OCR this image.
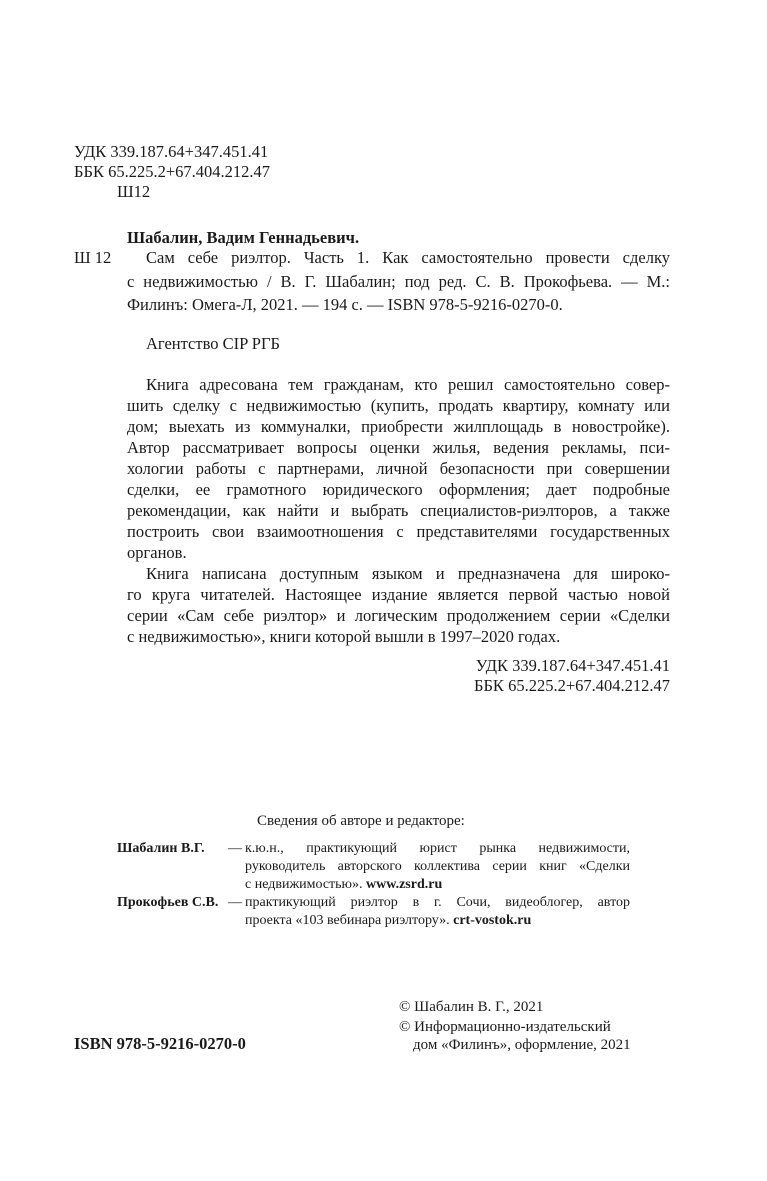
УДК 339.187.64+347.451.41
ББК 65.225.2+67.404.212.47
Ш12
Шабалин, Вадим Геннадьевич.
Ш 12 Сам себе риэлтор. Часть 1. Как самостоятельно провести сделку
с недвижимостью / В. Г. Шабалин; под ред. С. В. Прокофьева. — М.:
Филинъ: Омега-Л, 2021. — 194 с. — ISBN 978-5-9216-0270-0.
Агентство CIP РГБ
Книга адресована тем гражданам, кто решил самостоятельно совер-
шить сделку с недвижимостью (купить, продать квартиру, комнату или
дом; выехать из коммуналки, приобрести жилплощадь в новостройке).
Автор рассматривает вопросы оценки жилья, ведения рекламы, пси-
хологии работы с партнерами, личной безопасности при совершении
сделки, ее грамотного юридического оформления; дает подробные
рекомендации, как найти и выбрать специалистов-риэлторов, а также
построить свои взаимоотношения с представителями государственных
органов.
Книга написана доступным языком и предназначена для широко-
го круга читателей. Настоящее издание является первой частью новой
серии «Сам себе риэлтор» и логическим продолжением серии «Сделки
с недвижимостью», книги которой вышли в 1997–2020 годах.
УДК 339.187.64+347.451.41
ББК 65.225.2+67.404.212.47
Сведения об авторе и редакторе:
Шабалин В.Г. — к.ю.н., практикующий юрист рынка недвижимости,
руководитель авторского коллектива серии книг «Сделки
с недвижимостью». www.zsrd.ru
Прокофьев С.В. — практикующий риэлтор в г. Сочи, видеоблогер, автор
проекта «103 вебинара риэлтору». crt-vostok.ru
© Шабалин В. Г., 2021
© Информационно-издательский
дом «Филинъ», оформление, 2021
ISBN 978-5-9216-0270-0
